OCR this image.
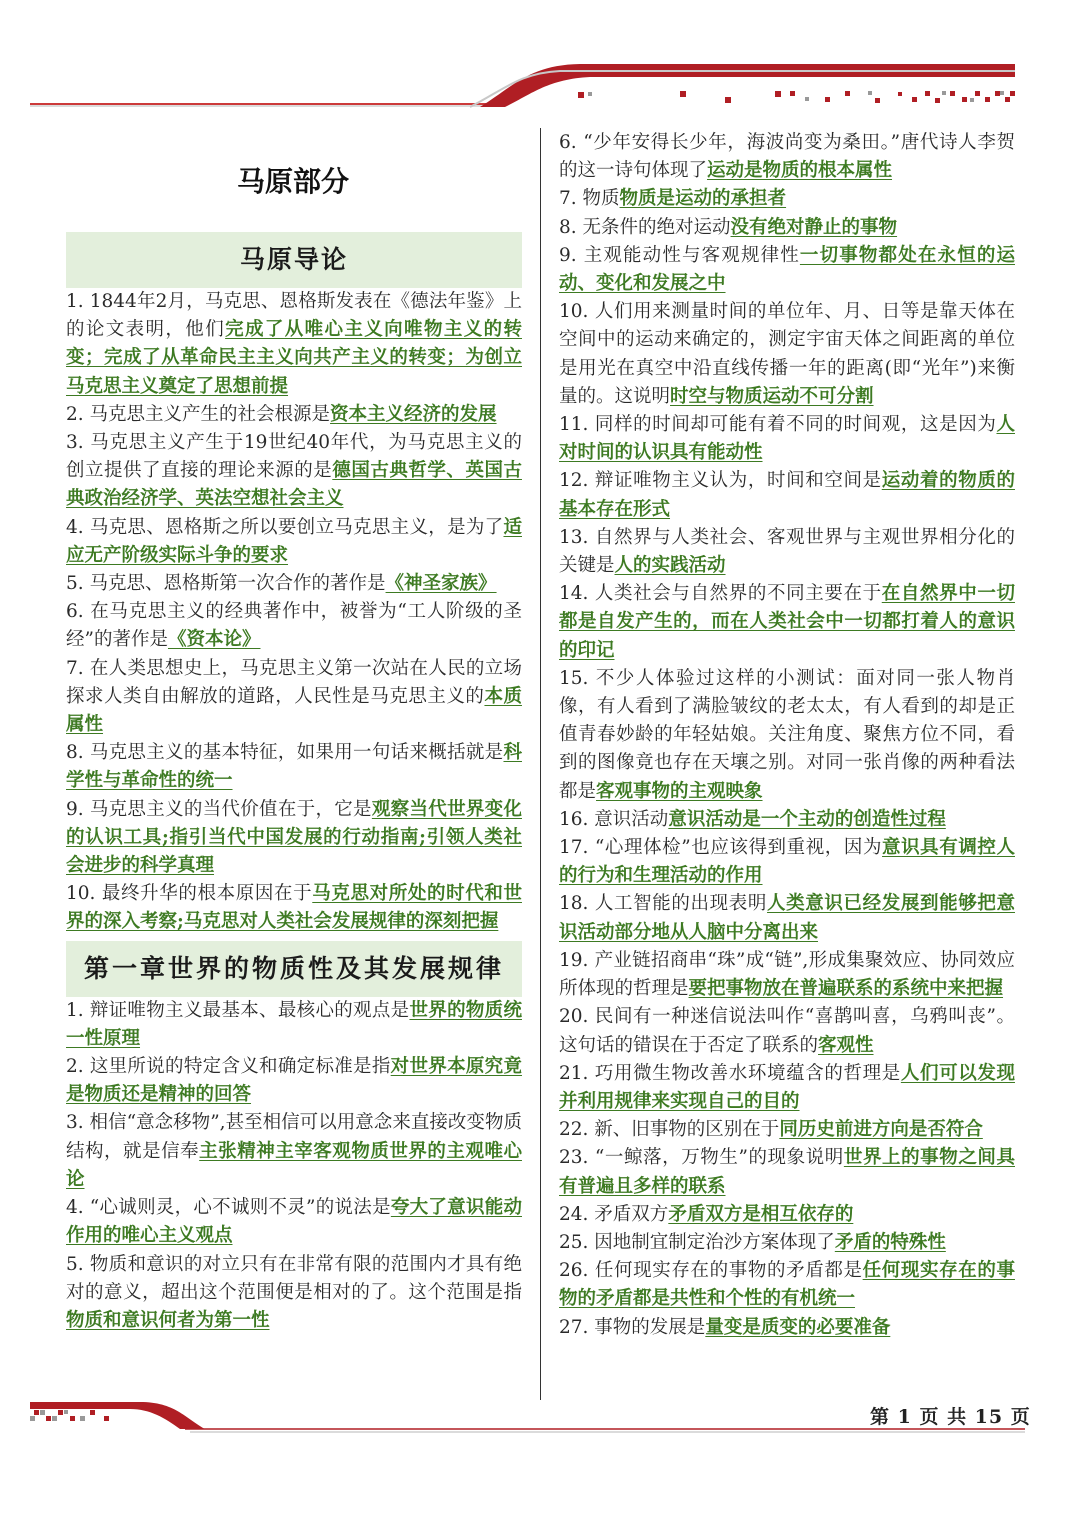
马原部分
马原导论
1. 1844年2月，马克思、恩格斯发表在《德法年鉴》上的论文表明，他们完成了从唯心主义向唯物主义的转变；完成了从革命民主主义向共产主义的转变；为创立马克思主义奠定了思想前提
2. 马克思主义产生的社会根源是资本主义经济的发展
3. 马克思主义产生于19世纪40年代，为马克思主义的创立提供了直接的理论来源的是德国古典哲学、英国古典政治经济学、英法空想社会主义
4. 马克思、恩格斯之所以要创立马克思主义，是为了适应无产阶级实际斗争的要求
5. 马克思、恩格斯第一次合作的著作是《神圣家族》
6. 在马克思主义的经典著作中，被誉为“工人阶级的圣经”的著作是《资本论》
7. 在人类思想史上，马克思主义第一次站在人民的立场探求人类自由解放的道路，人民性是马克思主义的本质属性
8. 马克思主义的基本特征，如果用一句话来概括就是科学性与革命性的统一
9. 马克思主义的当代价值在于，它是观察当代世界变化的认识工具;指引当代中国发展的行动指南;引领人类社会进步的科学真理
10. 最终升华的根本原因在于马克思对所处的时代和世界的深入考察;马克思对人类社会发展规律的深刻把握
第一章世界的物质性及其发展规律
1. 辩证唯物主义最基本、最核心的观点是世界的物质统一性原理
2. 这里所说的特定含义和确定标准是指对世界本原究竟是物质还是精神的回答
3. 相信“意念移物”,甚至相信可以用意念来直接改变物质结构，就是信奉主张精神主宰客观物质世界的主观唯心论
4. “心诚则灵，心不诚则不灵”的说法是夸大了意识能动作用的唯心主义观点
5. 物质和意识的对立只有在非常有限的范围内才具有绝对的意义，超出这个范围便是相对的了。这个范围是指物质和意识何者为第一性
6. “少年安得长少年，海波尚变为桑田。”唐代诗人李贺的这一诗句体现了运动是物质的根本属性
7. 物质物质是运动的承担者
8. 无条件的绝对运动没有绝对静止的事物
9. 主观能动性与客观规律性一切事物都处在永恒的运动、变化和发展之中
10. 人们用来测量时间的单位年、月、日等是靠天体在空间中的运动来确定的，测定宇宙天体之间距离的单位是用光在真空中沿直线传播一年的距离(即“光年”)来衡量的。这说明时空与物质运动不可分割
11. 同样的时间却可能有着不同的时间观，这是因为人对时间的认识具有能动性
12. 辩证唯物主义认为，时间和空间是运动着的物质的基本存在形式
13. 自然界与人类社会、客观世界与主观世界相分化的关键是人的实践活动
14. 人类社会与自然界的不同主要在于在自然界中一切都是自发产生的，而在人类社会中一切都打着人的意识的印记
15. 不少人体验过这样的小测试：面对同一张人物肖像，有人看到了满脸皱纹的老太太，有人看到的却是正值青春妙龄的年轻姑娘。关注角度、聚焦方位不同，看到的图像竟也存在天壤之别。对同一张肖像的两种看法都是客观事物的主观映象
16. 意识活动意识活动是一个主动的创造性过程
17. “心理体检”也应该得到重视，因为意识具有调控人的行为和生理活动的作用
18. 人工智能的出现表明人类意识已经发展到能够把意识活动部分地从人脑中分离出来
19. 产业链招商串“珠”成“链”,形成集聚效应、协同效应所体现的哲理是要把事物放在普遍联系的系统中来把握
20. 民间有一种迷信说法叫作“喜鹊叫喜，乌鸦叫丧”。这句话的错误在于否定了联系的客观性
21. 巧用微生物改善水环境蕴含的哲理是人们可以发现并利用规律来实现自己的目的
22. 新、旧事物的区别在于同历史前进方向是否符合
23. “一鲸落，万物生”的现象说明世界上的事物之间具有普遍且多样的联系
24. 矛盾双方矛盾双方是相互依存的
25. 因地制宜制定治沙方案体现了矛盾的特殊性
26. 任何现实存在的事物的矛盾都是任何现实存在的事物的矛盾都是共性和个性的有机统一
27. 事物的发展是量变是质变的必要准备
第 1 页 共 15 页
